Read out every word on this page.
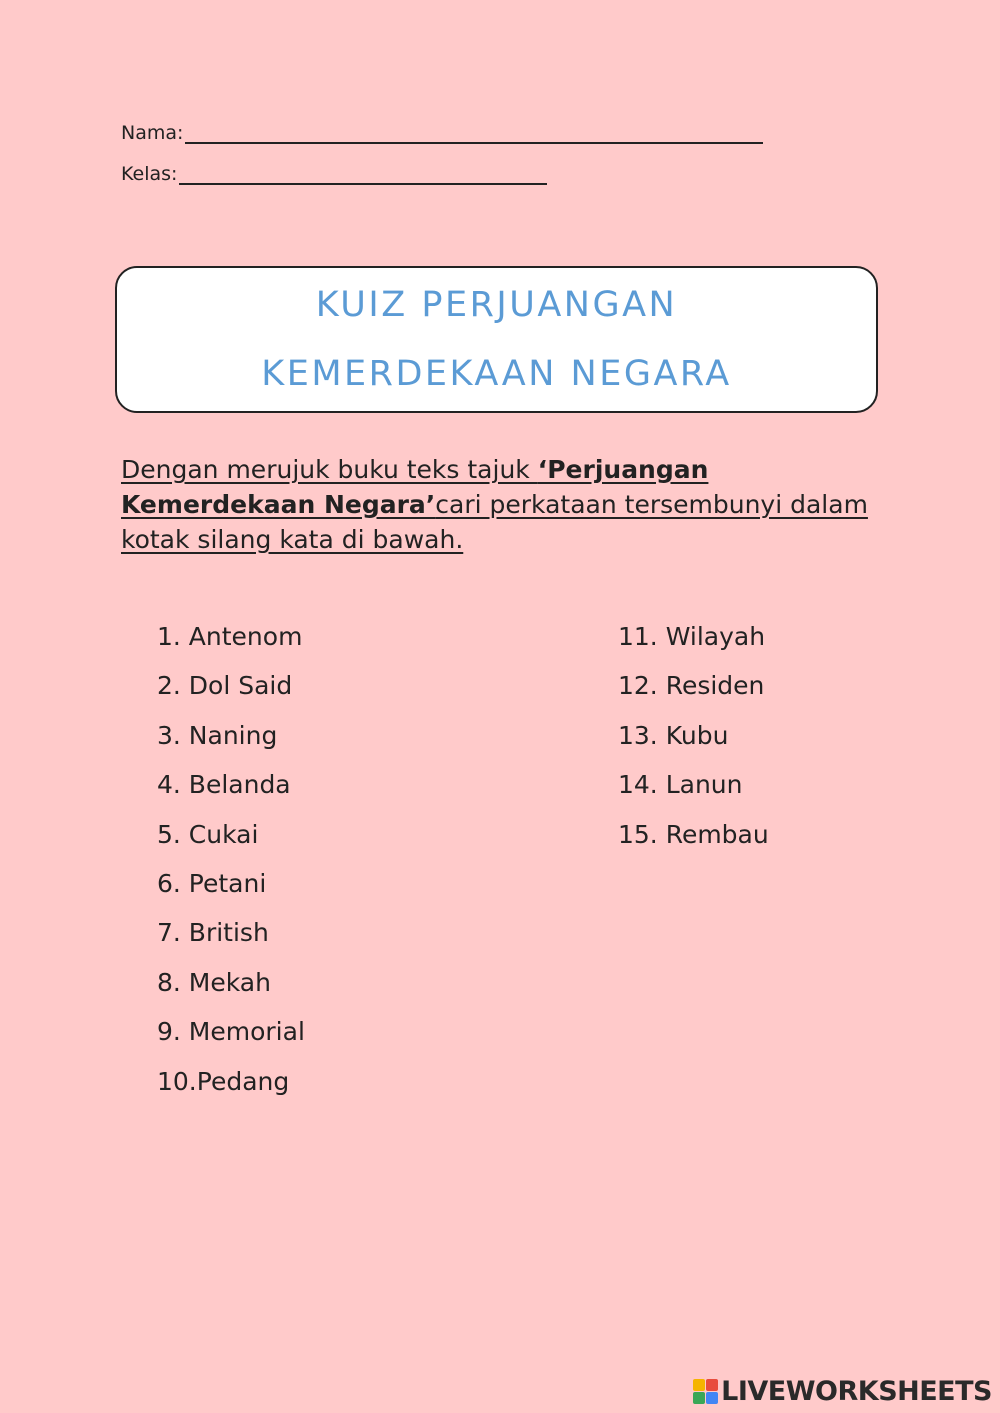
Nama:
Kelas:
KUIZ PERJUANGAN
KEMERDEKAAN NEGARA
Dengan merujuk buku teks tajuk ‘Perjuangan Kemerdekaan Negara’cari perkataan tersembunyi dalam kotak silang kata di bawah.
1. Antenom
2. Dol Said
3. Naning
4. Belanda
5. Cukai
6. Petani
7. British
8. Mekah
9. Memorial
10.Pedang
11. Wilayah
12. Residen
13. Kubu
14. Lanun
15. Rembau
LIVEWORKSHEETS
